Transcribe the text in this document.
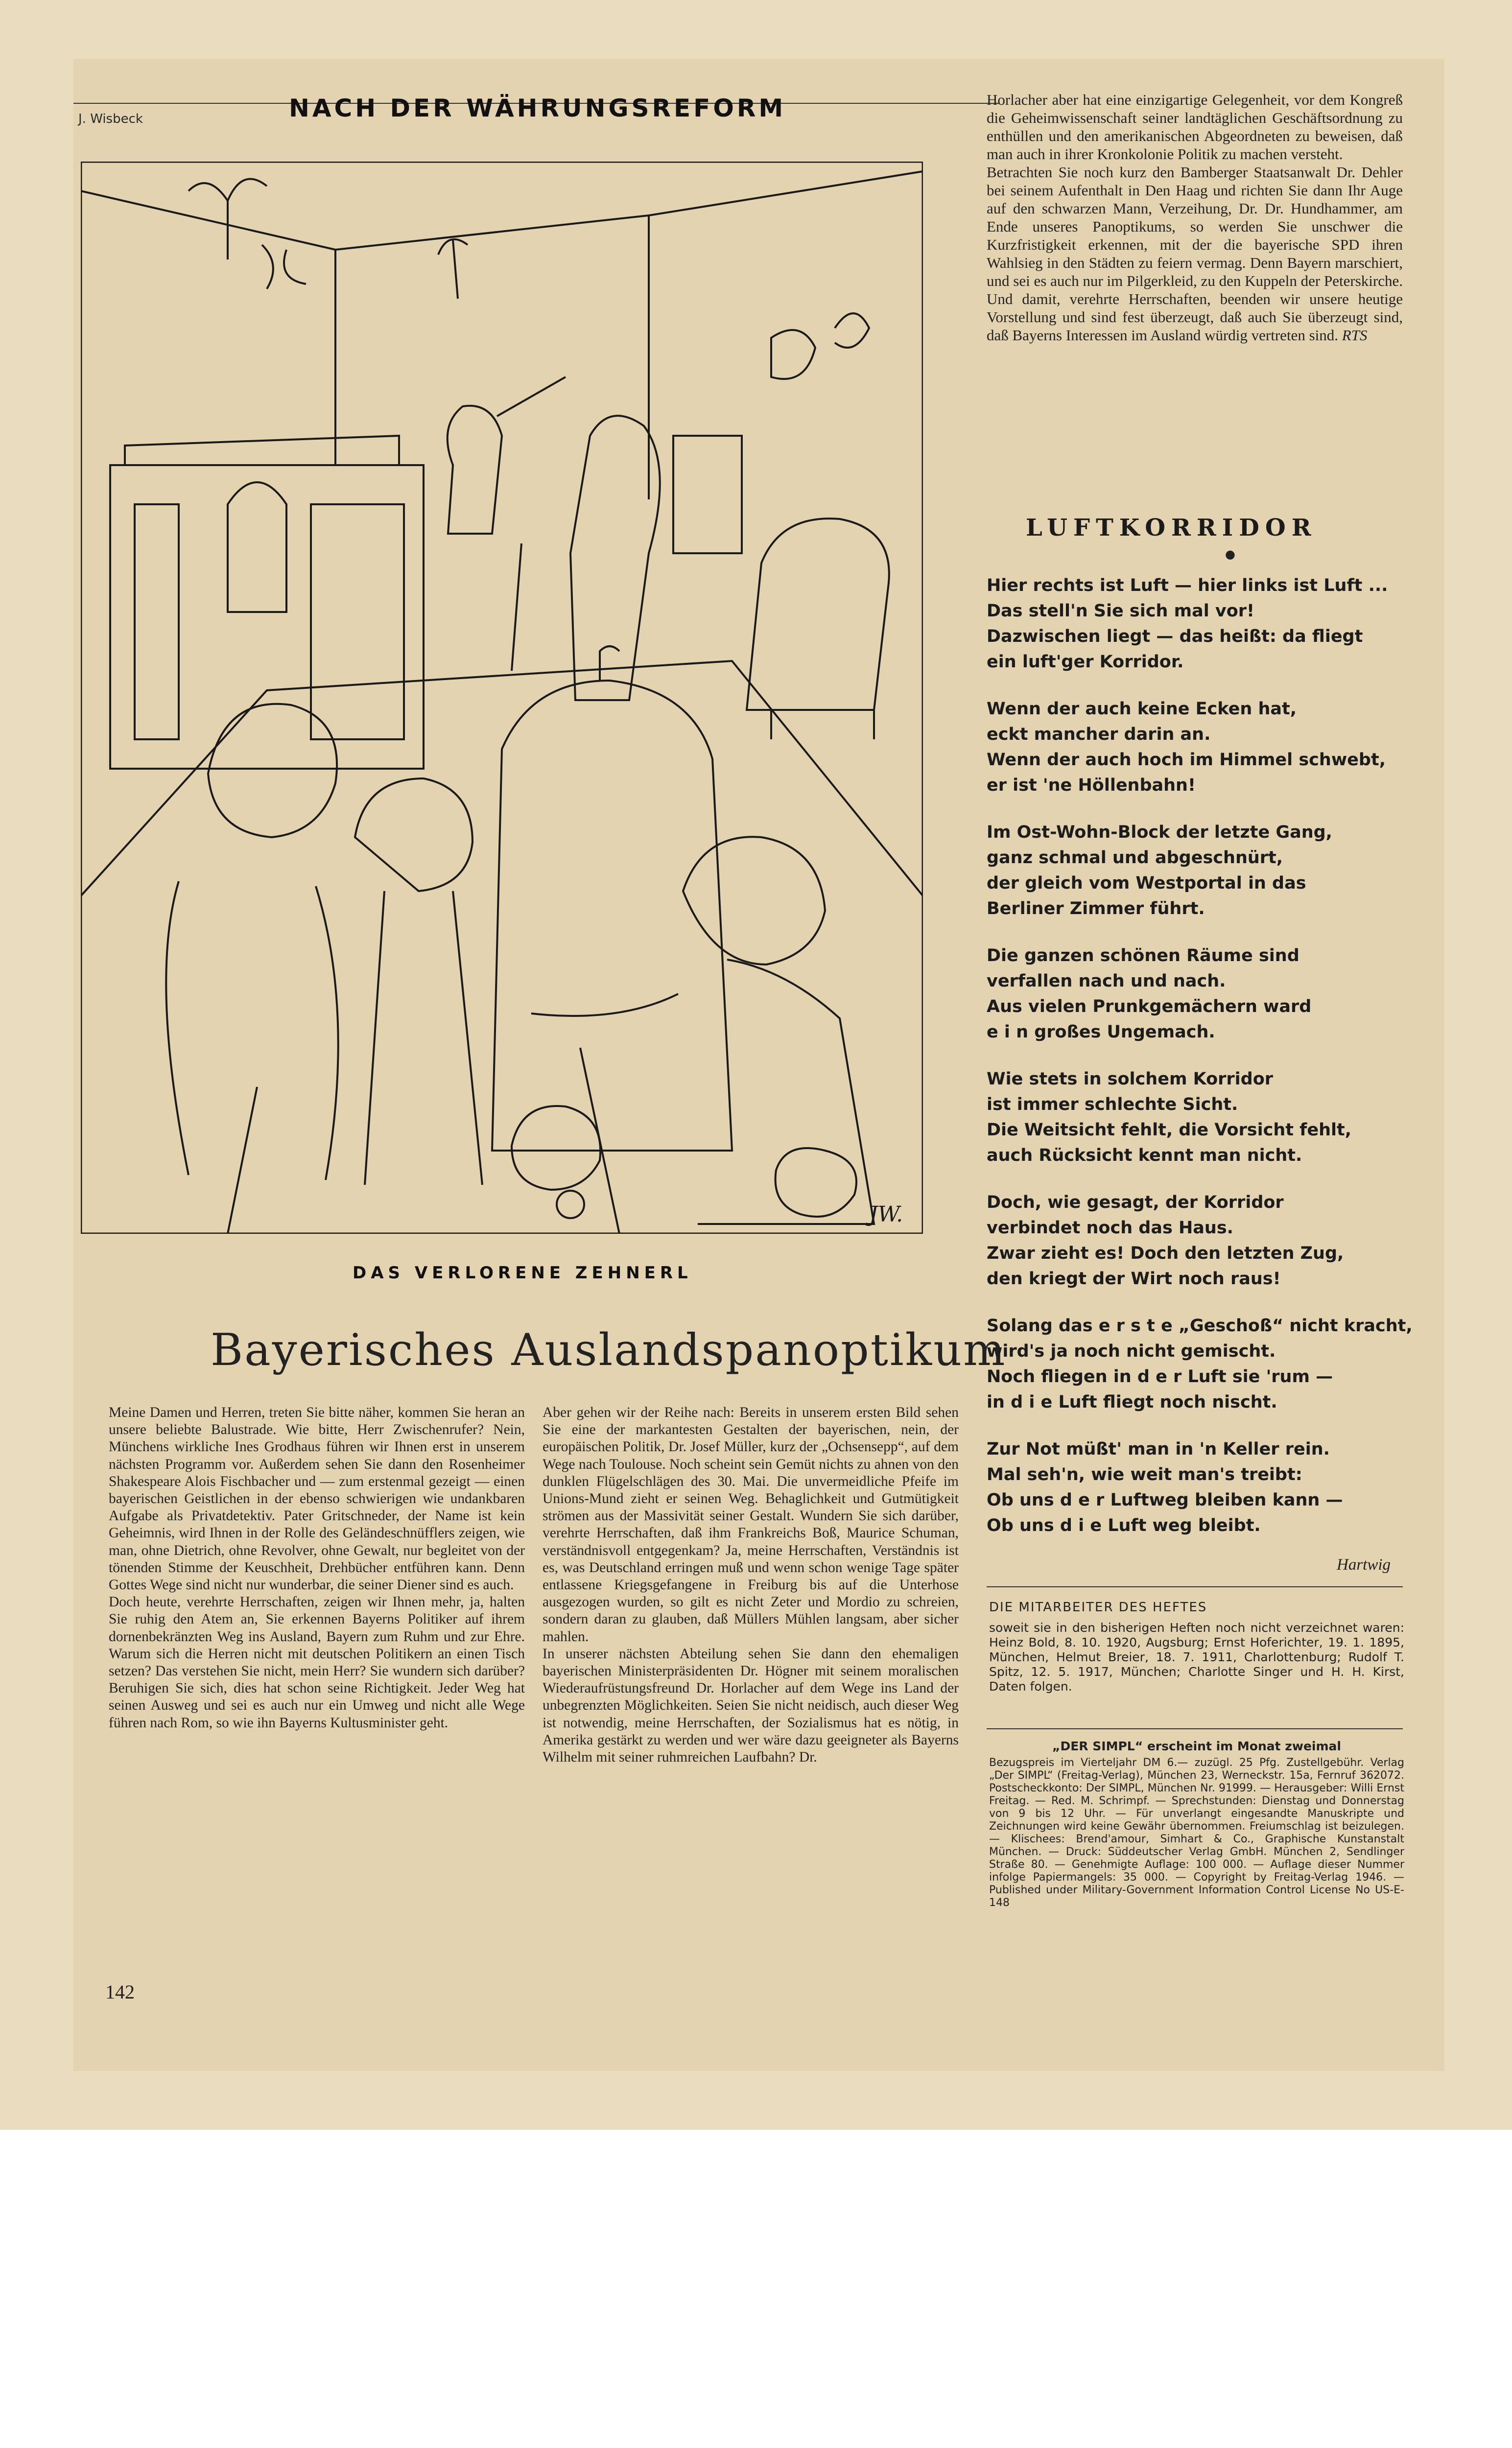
J. Wisbeck	NACH DER WÄHRUNGSREFORM
JW.
DAS VERLORENE ZEHNERL
Bayerisches Auslandspanoptikum

Meine Damen und Herren, treten Sie bitte näher, kommen Sie heran an unsere beliebte Balustrade. Wie bitte, Herr Zwischenrufer? Nein, Münchens wirkliche Ines Grodhaus führen wir Ihnen erst in unserem nächsten Programm vor. Außerdem sehen Sie dann den Rosenheimer Shakespeare Alois Fischbacher und — zum erstenmal gezeigt — einen bayerischen Geistlichen in der ebenso schwierigen wie undankbaren Aufgabe als Privatdetektiv. Pater Gritschneder, der Name ist kein Geheimnis, wird Ihnen in der Rolle des Geländeschnüfflers zeigen, wie man, ohne Dietrich, ohne Revolver, ohne Gewalt, nur begleitet von der tönenden Stimme der Keuschheit, Drehbücher entführen kann. Denn Gottes Wege sind nicht nur wunderbar, die seiner Diener sind es auch.

Doch heute, verehrte Herrschaften, zeigen wir Ihnen mehr, ja, halten Sie ruhig den Atem an, Sie erkennen Bayerns Politiker auf ihrem dornenbekränzten Weg ins Ausland, Bayern zum Ruhm und zur Ehre. Warum sich die Herren nicht mit deutschen Politikern an einen Tisch setzen? Das verstehen Sie nicht, mein Herr? Sie wundern sich darüber? Beruhigen Sie sich, dies hat schon seine Richtigkeit. Jeder Weg hat seinen Ausweg und sei es auch nur ein Umweg und nicht alle Wege führen nach Rom, so wie ihn Bayerns Kultusminister geht.

Aber gehen wir der Reihe nach: Bereits in unserem ersten Bild sehen Sie eine der markantesten Gestalten der bayerischen, nein, der europäischen Politik, Dr. Josef Müller, kurz der „Ochsensepp“, auf dem Wege nach Toulouse. Noch scheint sein Gemüt nichts zu ahnen von den dunklen Flügelschlägen des 30. Mai. Die unvermeidliche Pfeife im Unions-Mund zieht er seinen Weg. Behaglichkeit und Gutmütigkeit strömen aus der Massivität seiner Gestalt. Wundern Sie sich darüber, verehrte Herrschaften, daß ihm Frankreichs Boß, Maurice Schuman, verständnisvoll entgegenkam? Ja, meine Herrschaften, Verständnis ist es, was Deutschland erringen muß und wenn schon wenige Tage später entlassene Kriegsgefangene in Freiburg bis auf die Unterhose ausgezogen wurden, so gilt es nicht Zeter und Mordio zu schreien, sondern daran zu glauben, daß Müllers Mühlen langsam, aber sicher mahlen.

In unserer nächsten Abteilung sehen Sie dann den ehemaligen bayerischen Ministerpräsidenten Dr. Högner mit seinem moralischen Wiederaufrüstungsfreund Dr. Horlacher auf dem Wege ins Land der unbegrenzten Möglichkeiten. Seien Sie nicht neidisch, auch dieser Weg ist notwendig, meine Herrschaften, der Sozialismus hat es nötig, in Amerika gestärkt zu werden und wer wäre dazu geeigneter als Bayerns Wilhelm mit seiner ruhmreichen Laufbahn? Dr.

Horlacher aber hat eine einzigartige Gelegenheit, vor dem Kongreß die Geheimwissenschaft seiner landtäglichen Geschäftsordnung zu enthüllen und den amerikanischen Abgeordneten zu beweisen, daß man auch in ihrer Kronkolonie Politik zu machen versteht.

Betrachten Sie noch kurz den Bamberger Staatsanwalt Dr. Dehler bei seinem Aufenthalt in Den Haag und richten Sie dann Ihr Auge auf den schwarzen Mann, Verzeihung, Dr. Dr. Hundhammer, am Ende unseres Panoptikums, so werden Sie unschwer die Kurzfristigkeit erkennen, mit der die bayerische SPD ihren Wahlsieg in den Städten zu feiern vermag. Denn Bayern marschiert, und sei es auch nur im Pilgerkleid, zu den Kuppeln der Peterskirche. Und damit, verehrte Herrschaften, beenden wir unsere heutige Vorstellung und sind fest überzeugt, daß auch Sie überzeugt sind, daß Bayerns Interessen im Ausland würdig vertreten sind. RTS

LUFTKORRIDOR
●
Hier rechts ist Luft — hier links ist Luft ...
Das stell'n Sie sich mal vor!
Dazwischen liegt — das heißt: da fliegt
ein luft'ger Korridor.
Wenn der auch keine Ecken hat,
eckt mancher darin an.
Wenn der auch hoch im Himmel schwebt,
er ist 'ne Höllenbahn!
Im Ost-Wohn-Block der letzte Gang,
ganz schmal und abgeschnürt,
der gleich vom Westportal in das
Berliner Zimmer führt.
Die ganzen schönen Räume sind
verfallen nach und nach.
Aus vielen Prunkgemächern ward
e i n großes Ungemach.
Wie stets in solchem Korridor
ist immer schlechte Sicht.
Die Weitsicht fehlt, die Vorsicht fehlt,
auch Rücksicht kennt man nicht.
Doch, wie gesagt, der Korridor
verbindet noch das Haus.
Zwar zieht es! Doch den letzten Zug,
den kriegt der Wirt noch raus!
Solang das e r s t e „Geschoß“ nicht kracht,
wird's ja noch nicht gemischt.
Noch fliegen in d e r Luft sie 'rum —
in d i e Luft fliegt noch nischt.
Zur Not müßt' man in 'n Keller rein.
Mal seh'n, wie weit man's treibt:
Ob uns d e r Luftweg bleiben kann —
Ob uns d i e Luft weg bleibt.
Hartwig
DIE MITARBEITER DES HEFTES
soweit sie in den bisherigen Heften noch nicht verzeichnet waren: Heinz Bold, 8. 10. 1920, Augsburg; Ernst Hoferichter, 19. 1. 1895, München, Helmut Breier, 18. 7. 1911, Charlottenburg; Rudolf T. Spitz, 12. 5. 1917, München; Charlotte Singer und H. H. Kirst, Daten folgen.
„DER SIMPL“ erscheint im Monat zweimal
Bezugspreis im Vierteljahr DM 6.— zuzügl. 25 Pfg. Zustellgebühr. Verlag „Der SIMPL“ (Freitag-Verlag), München 23, Werneckstr. 15a, Fernruf 362072. Postscheckkonto: Der SIMPL, München Nr. 91999. — Herausgeber: Willi Ernst Freitag. — Red. M. Schrimpf. — Sprechstunden: Dienstag und Donnerstag von 9 bis 12 Uhr. — Für unverlangt eingesandte Manuskripte und Zeichnungen wird keine Gewähr übernommen. Freiumschlag ist beizulegen. — Klischees: Brend'amour, Simhart & Co., Graphische Kunstanstalt München. — Druck: Süddeutscher Verlag GmbH. München 2, Sendlinger Straße 80. — Genehmigte Auflage: 100 000. — Auflage dieser Nummer infolge Papiermangels: 35 000. — Copyright by Freitag-Verlag 1946. — Published under Military-Government Information Control License No US-E-148
142
